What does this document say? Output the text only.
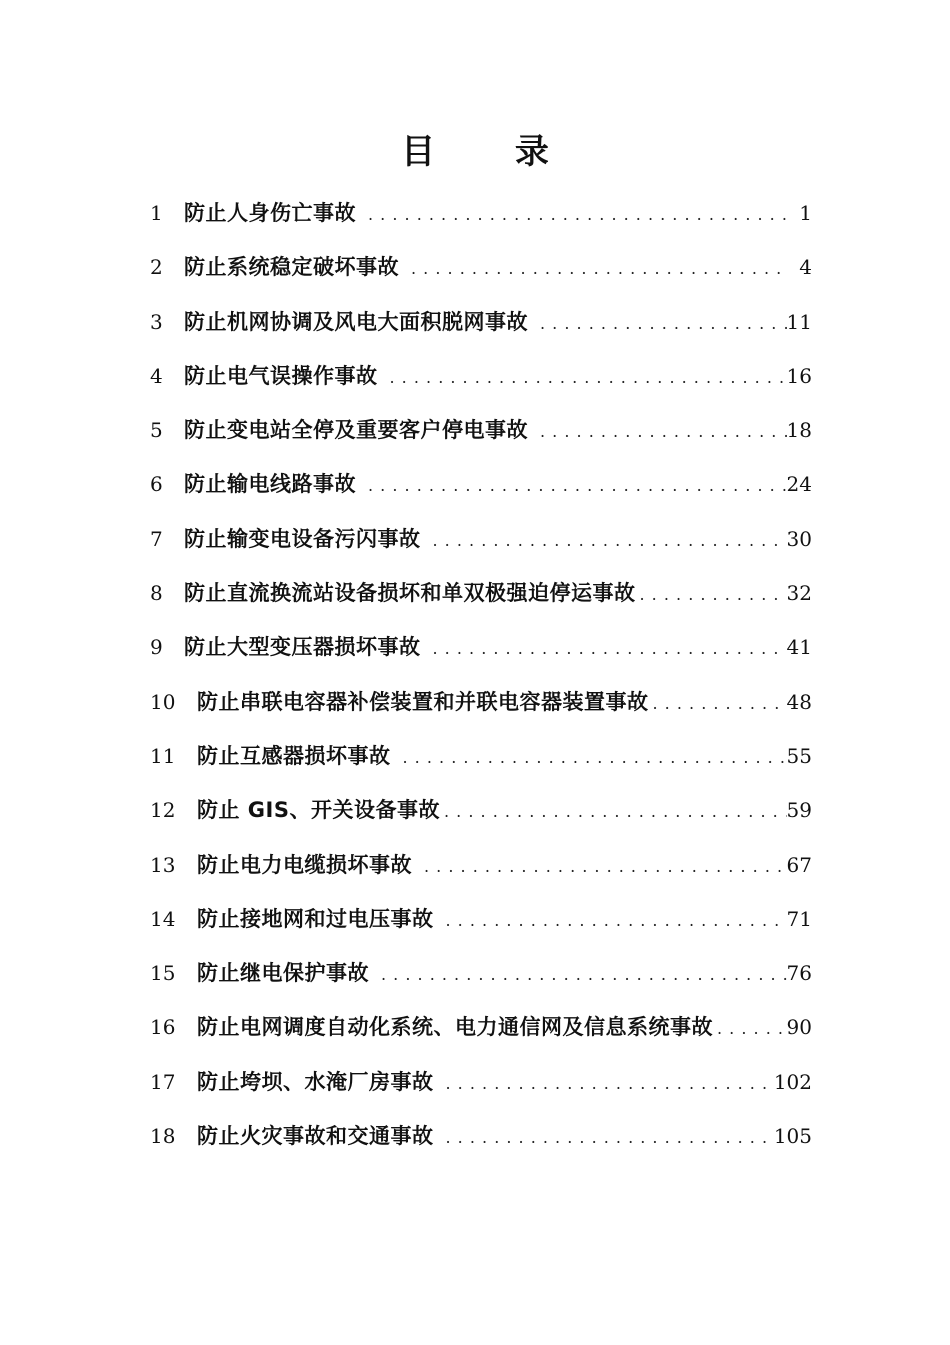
目 录
1	防止人身伤亡事故 . . .	1
2	防止系统稳定破坏事故 . . .	4
3	防止机网协调及风电大面积脱网事故 . . .	11
4	防止电气误操作事故 . . .	16
5	防止变电站全停及重要客户停电事故 . . .	18
6	防止输电线路事故 . . .	24
7	防止输变电设备污闪事故 . . .	30
8	防止直流换流站设备损坏和单双极强迫停运事故 . . .	32
9	防止大型变压器损坏事故 . . .	41
10	防止串联电容器补偿装置和并联电容器装置事故 . . .	48
11	防止互感器损坏事故 . . .	55
12	防止 GIS、开关设备事故 . . .	59
13	防止电力电缆损坏事故 . . .	67
14	防止接地网和过电压事故 . . .	71
15	防止继电保护事故 . . .	76
16	防止电网调度自动化系统、电力通信网及信息系统事故 . . .	90
17	防止垮坝、水淹厂房事故 . . .	102
18	防止火灾事故和交通事故 . . .	105
